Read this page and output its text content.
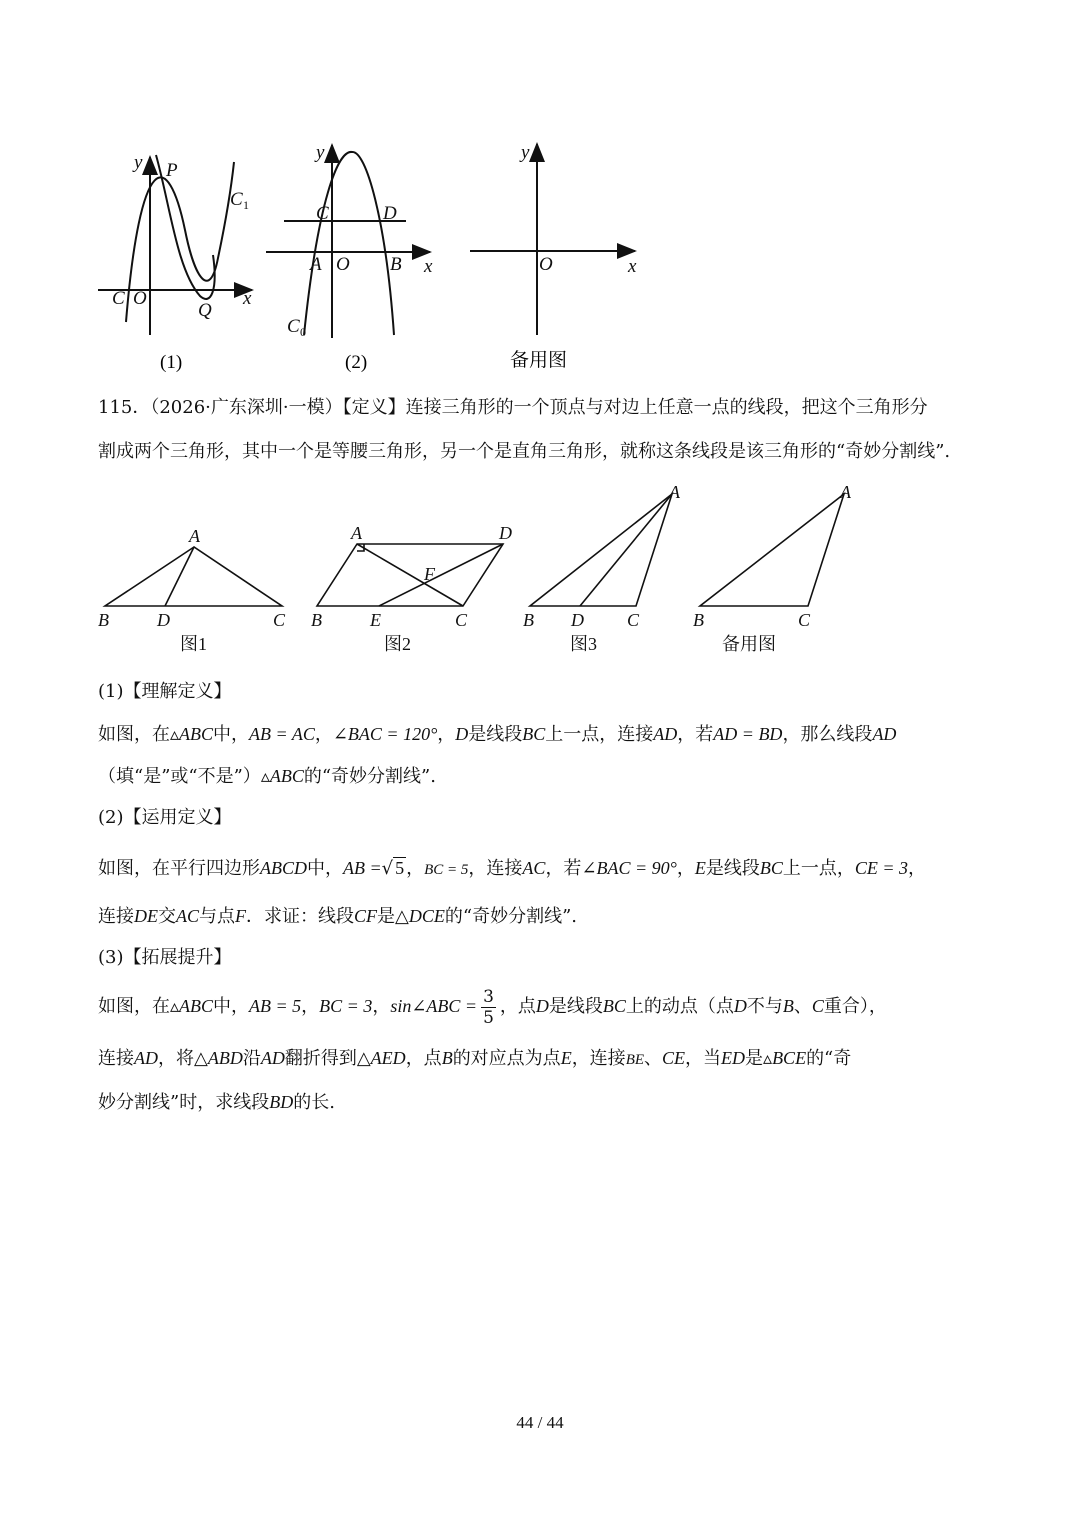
y P
C 1
C O
Q
x
(1)
y
C	D
A O B x
C 0
(2)
y
O	x
备用图
115．（2026·广东深圳·一模）【定义】连接三角形的一个顶点与对边上任意一点的线段，把这个三角形分
割成两个三角形，其中一个是等腰三角形，另一个是直角三角形，就称这条线段是该三角形的“奇妙分割线”.
A
B	D	C
A	D
F
B	E	C
A
B D C
A
B	C
图1	图2	图3	备用图
(1)【理解定义】
如图，在▵ABC中，AB = AC，∠BAC = 120°，D是线段BC上一点，连接AD，若AD = BD，那么线段AD
（填“是”或“不是”）▵ABC的“奇妙分割线”.
(2)【运用定义】
如图，在平行四边形ABCD中，AB =√ 5 ，BC = 5，连接AC，若∠BAC = 90°，E是线段BC上一点，CE = 3，
连接DE交AC与点F．求证：线段CF是△DCE的“奇妙分割线”.
(3)【拓展提升】
如图，在▵ABC中，AB = 5，BC = 3，sin∠ABC = $\frac{3}{5}$ ，点D是线段BC上的动点（点D不与B、C重合），
连接AD，将△ABD沿AD翻折得到△AED，点B的对应点为点E，连接BE、CE，当ED是▵BCE的“奇
妙分割线”时，求线段BD的长.
44 / 44
